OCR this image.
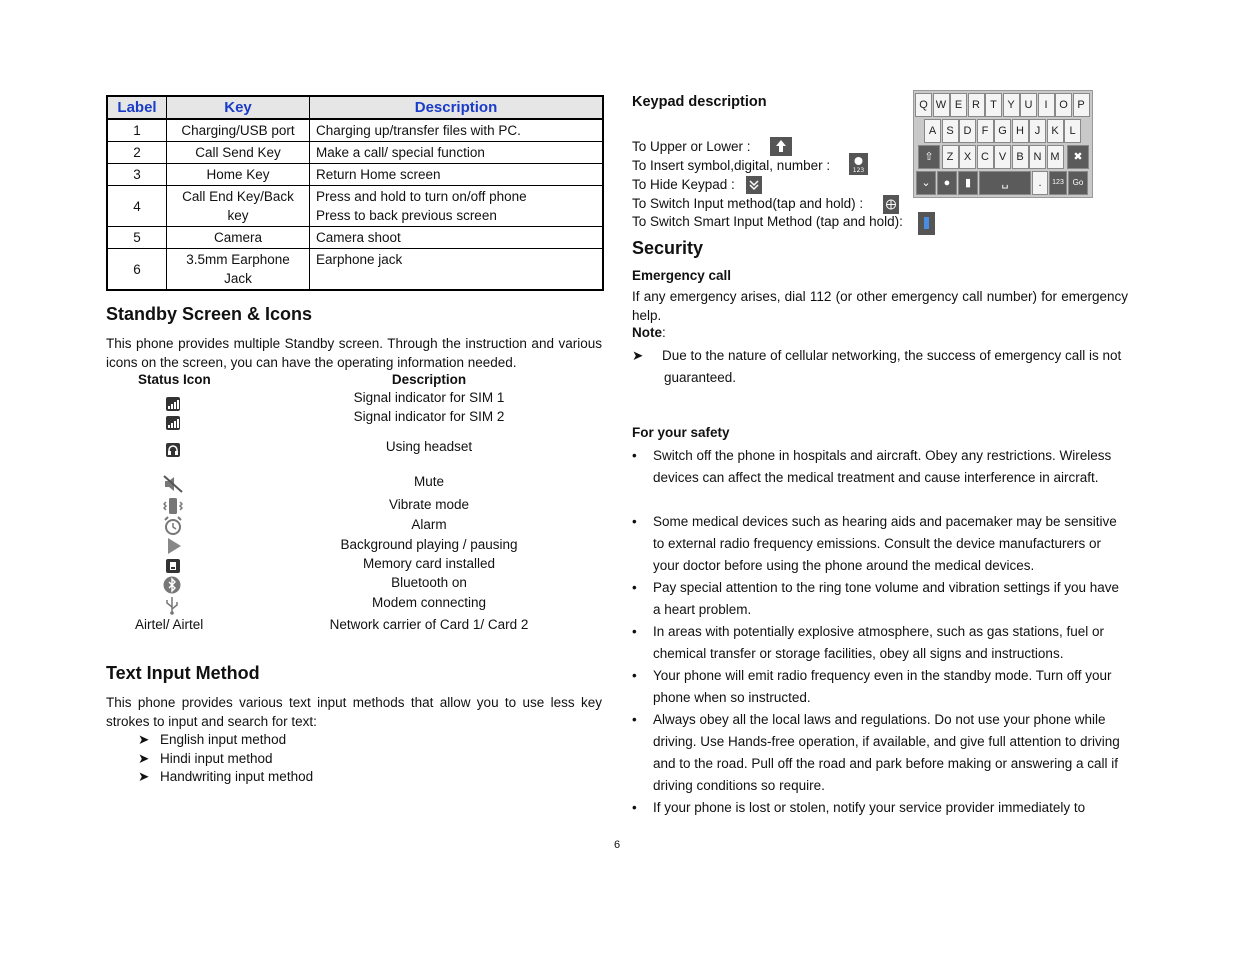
Label	Key	Description
1	Charging/USB port	Charging up/transfer files with PC.
2	Call Send Key	Make a call/ special function
3	Home Key	Return Home screen
4	Call End Key/Back key	Press and hold to turn on/off phone
Press to back previous screen

5	Camera	Camera shoot
6	3.5mm Earphone Jack	Earphone jack
Standby Screen & Icons
This phone provides multiple Standby screen. Through the instruction and various icons on the screen, you can have the operating information needed.
Status Icon	Description
Signal indicator for SIM 1
Signal indicator for SIM 2
Using headset
Mute
Vibrate mode
Alarm
Background playing / pausing
Memory card installed
Bluetooth on
Modem connecting
Airtel/ Airtel	Network carrier of Card 1/ Card 2
Text Input Method
This phone provides various text input methods that allow you to use less key strokes to input and search for text:
➤ English input method
➤ Hindi input method
➤ Handwriting input method
Keypad description
To Upper or Lower :
To Insert symbol,digital, number :
To Hide Keypad :
To Switch Input method(tap and hold) :
To Switch Smart Input Method (tap and hold):
123
Q W E R T Y U	I	O P
A S D F G H J	K L
⇧	Z X C V B N M	✖
⌄	●	▮	␣	.	123	Go
Security
Emergency call
If any emergency arises, dial 112 (or other emergency call number) for emergency help.
Note:
➤	Due to the nature of cellular networking, the success of emergency call is not guaranteed.
For your safety
•	Switch off the phone in hospitals and aircraft. Obey any restrictions. Wireless devices can affect the medical treatment and cause interference in aircraft.
•	Some medical devices such as hearing aids and pacemaker may be sensitive to external radio frequency emissions. Consult the device manufacturers or your doctor before using the phone around the medical devices.
•	Pay special attention to the ring tone volume and vibration settings if you have a heart problem.
•	In areas with potentially explosive atmosphere, such as gas stations, fuel or chemical transfer or storage facilities, obey all signs and instructions.
•	Your phone will emit radio frequency even in the standby mode. Turn off your phone when so instructed.
•	Always obey all the local laws and regulations. Do not use your phone while driving. Use Hands-free operation, if available, and give full attention to driving and to the road. Pull off the road and park before making or answering a call if driving conditions so require.
•	If your phone is lost or stolen, notify your service provider immediately to
6
